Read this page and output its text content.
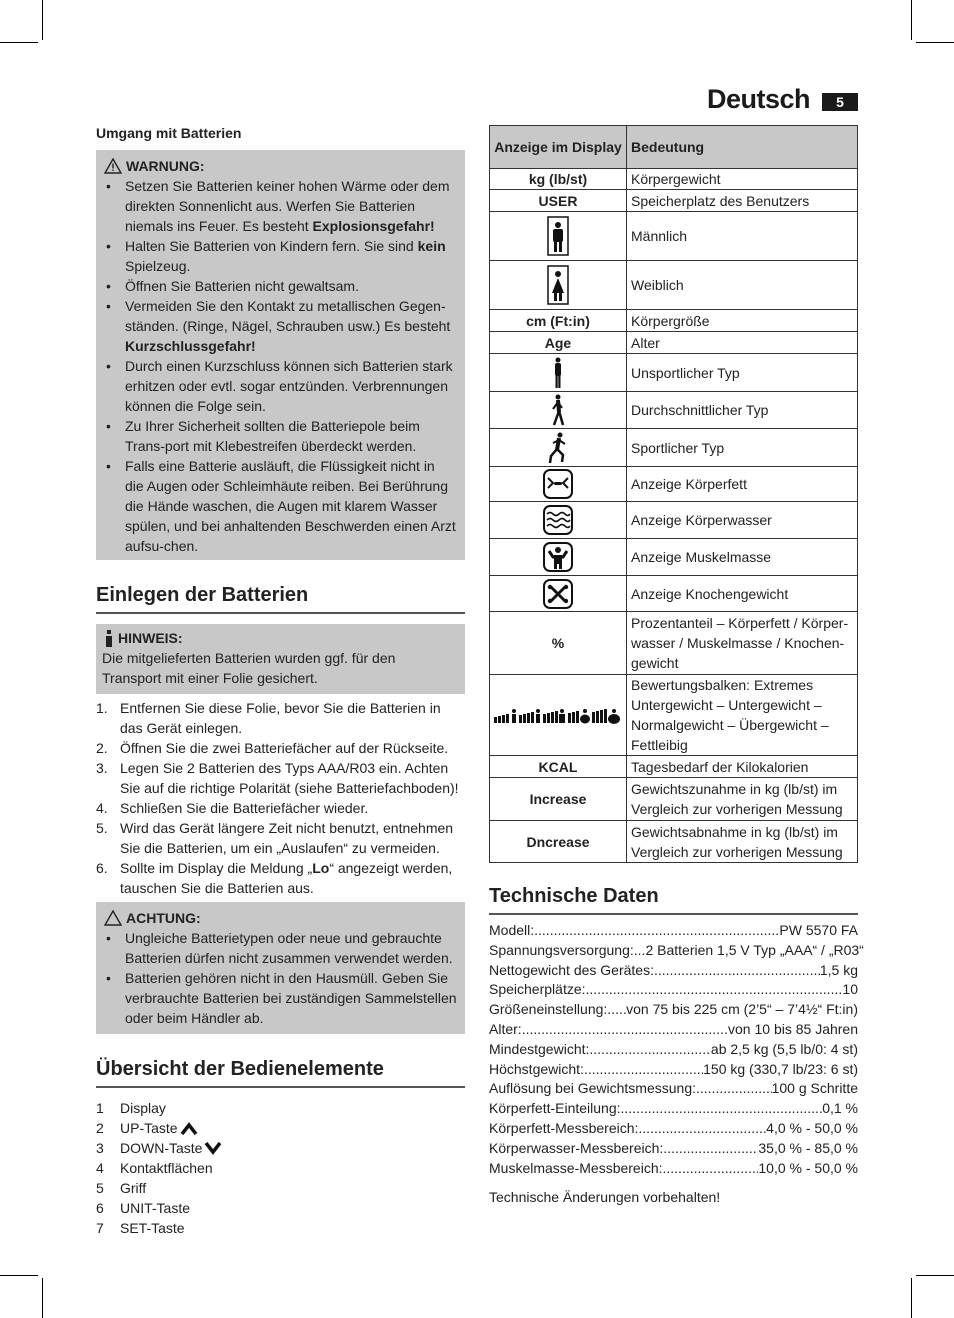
Deutsch	5
Umgang mit Batterien
WARNUNG:
• Setzen Sie Batterien keiner hohen Wärme oder dem direkten Sonnenlicht aus. Werfen Sie Batterien niemals ins Feuer. Es besteht Explosionsgefahr!
• Halten Sie Batterien von Kindern fern. Sie sind kein Spielzeug.
• Öffnen Sie Batterien nicht gewaltsam.
• Vermeiden Sie den Kontakt zu metallischen Gegen-ständen. (Ringe, Nägel, Schrauben usw.) Es besteht Kurzschlussgefahr!
• Durch einen Kurzschluss können sich Batterien stark erhitzen oder evtl. sogar entzünden. Verbrennungen können die Folge sein.
• Zu Ihrer Sicherheit sollten die Batteriepole beim Trans-port mit Klebestreifen überdeckt werden.
• Falls eine Batterie ausläuft, die Flüssigkeit nicht in die Augen oder Schleimhäute reiben. Bei Berührung die Hände waschen, die Augen mit klarem Wasser spülen, und bei anhaltenden Beschwerden einen Arzt aufsu-chen.
Einlegen der Batterien
HINWEIS:
Die mitgelieferten Batterien wurden ggf. für den Transport mit einer Folie gesichert.
1. Entfernen Sie diese Folie, bevor Sie die Batterien in das Gerät einlegen.
2. Öffnen Sie die zwei Batteriefächer auf der Rückseite.
3. Legen Sie 2 Batterien des Typs AAA/R03 ein. Achten Sie auf die richtige Polarität (siehe Batteriefachboden)!
4. Schließen Sie die Batteriefächer wieder.
5. Wird das Gerät längere Zeit nicht benutzt, entnehmen Sie die Batterien, um ein „Auslaufen“ zu vermeiden.
6. Sollte im Display die Meldung „Lo“ angezeigt werden, tauschen Sie die Batterien aus.
ACHTUNG:
• Ungleiche Batterietypen oder neue und gebrauchte Batterien dürfen nicht zusammen verwendet werden.
• Batterien gehören nicht in den Hausmüll. Geben Sie verbrauchte Batterien bei zuständigen Sammelstellen oder beim Händler ab.
Übersicht der Bedienelemente
1	Display
2	UP-Taste
3	DOWN-Taste
4	Kontaktflächen
5	Griff
6	UNIT-Taste
7	SET-Taste
Anzeige im Display	Bedeutung
kg (lb/st)	Körpergewicht
USER	Speicherplatz des Benutzers

	Männlich

	Weiblich
cm (Ft:in)	Körpergröße
Age	Alter

	Unsportlicher Typ

	Durchschnittlicher Typ

	Sportlicher Typ

	Anzeige Körperfett

	Anzeige Körperwasser

	Anzeige Muskelmasse

	Anzeige Knochengewicht
%	Prozentanteil – Körperfett / Körper-wasser / Muskelmasse / Knochen-gewicht

	Bewertungsbalken: Extremes Untergewicht – Untergewicht – Normalgewicht – Übergewicht – Fettleibig
KCAL	Tagesbedarf der Kilokalorien
Increase	Gewichtszunahme in kg (lb/st) im Vergleich zur vorherigen Messung
Dncrease	Gewichtsabnahme in kg (lb/st) im Vergleich zur vorherigen Messung
Technische Daten
Modell: .....	PW 5570 FA
Spannungsversorgung:... 2 Batterien 1,5 V Typ „AAA“ / „R03“
Nettogewicht des Gerätes: .....	1,5 kg
Speicherplätze: .....	10
Größeneinstellung: ..... von 75 bis 225 cm (2’5“ – 7’4½“ Ft:in)
Alter: .....	von 10 bis 85 Jahren
Mindestgewicht: .....	ab 2,5 kg (5,5 lb/0: 4 st)
Höchstgewicht: .....	150 kg (330,7 lb/23: 6 st)
Auflösung bei Gewichtsmessung: .....	100 g Schritte
Körperfett-Einteilung: .....	0,1 %
Körperfett-Messbereich: .....	4,0 % - 50,0 %
Körperwasser-Messbereich: .....	35,0 % - 85,0 %
Muskelmasse-Messbereich: .....	10,0 % - 50,0 %
Technische Änderungen vorbehalten!
